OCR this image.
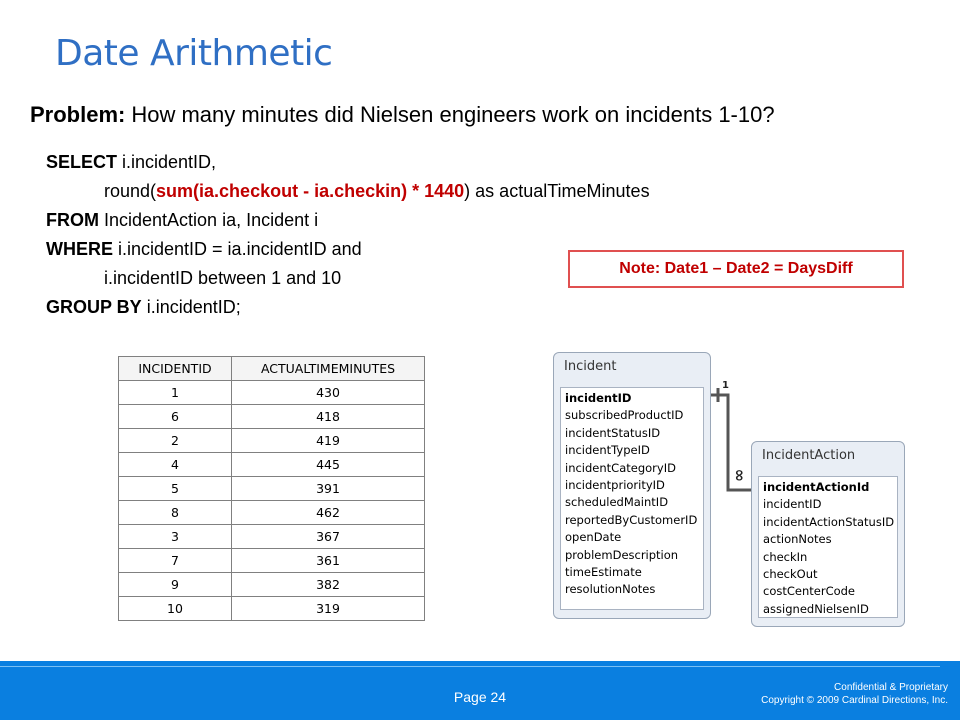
Date Arithmetic
Problem: How many minutes did Nielsen engineers work on incidents 1-10?
SELECT i.incidentID,
round(sum(ia.checkout - ia.checkin) * 1440) as actualTimeMinutes
FROM IncidentAction ia, Incident i
WHERE i.incidentID = ia.incidentID and
i.incidentID between 1 and 10
GROUP BY i.incidentID;
Note: Date1 – Date2 = DaysDiff
INCIDENTID	ACTUALTIMEMINUTES
1	430
6	418
2	419
4	445
5	391
8	462
3	367
7	361
9	382
10	319
Incident
incidentID
subscribedProductID
incidentStatusID
incidentTypeID
incidentCategoryID
incidentpriorityID
scheduledMaintID
reportedByCustomerID
openDate
problemDescription
timeEstimate
resolutionNotes
1
∞
IncidentAction
incidentActionId
incidentID
incidentActionStatusID
actionNotes
checkIn
checkOut
costCenterCode
assignedNielsenID
Page 24
Confidential & Proprietary
Copyright © 2009 Cardinal Directions, Inc.
